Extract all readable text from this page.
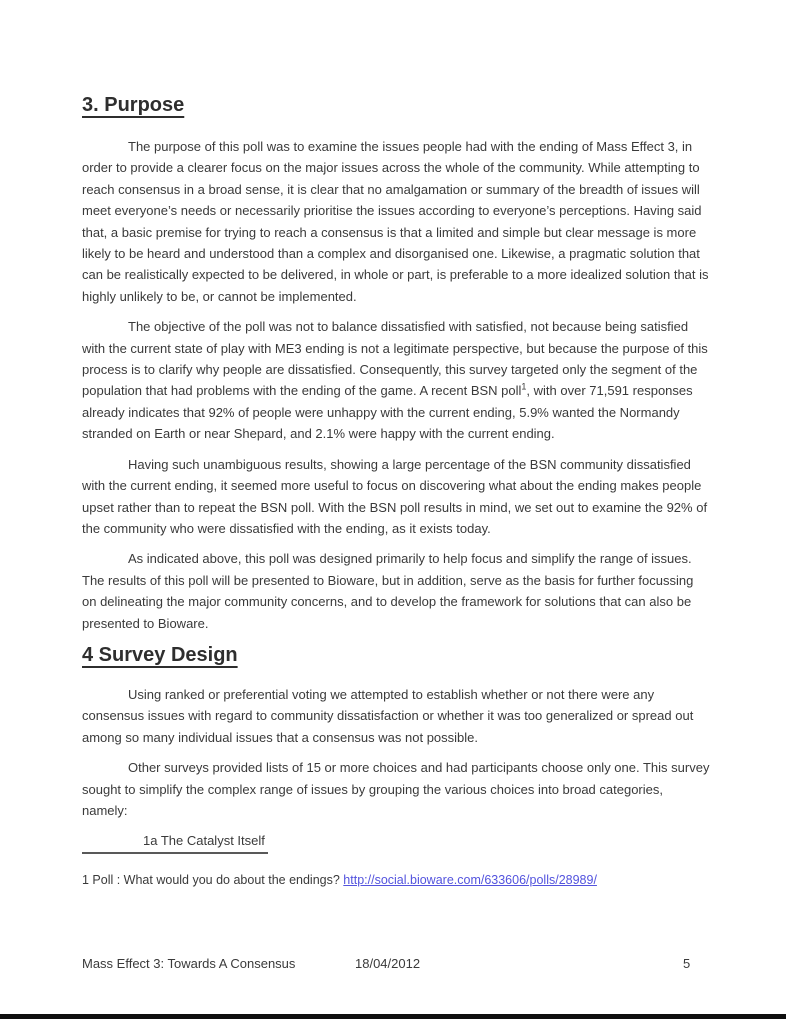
3. Purpose

The purpose of this poll was to examine the issues people had with the ending of Mass Effect 3, in order to provide a clearer focus on the major issues across the whole of the community. While attempting to reach consensus in a broad sense, it is clear that no amalgamation or summary of the breadth of issues will meet everyone’s needs or necessarily prioritise the issues according to everyone’s perceptions. Having said that, a basic premise for trying to reach a consensus is that a limited and simple but clear message is more likely to be heard and understood than a complex and disorganised one. Likewise, a pragmatic solution that can be realistically expected to be delivered, in whole or part, is preferable to a more idealized solution that is highly unlikely to be, or cannot be implemented.

The objective of the poll was not to balance dissatisfied with satisfied, not because being satisfied with the current state of play with ME3 ending is not a legitimate perspective, but because the purpose of this process is to clarify why people are dissatisfied. Consequently, this survey targeted only the segment of the population that had problems with the ending of the game. A recent BSN poll$^1$, with over 71,591 responses already indicates that 92% of people were unhappy with the current ending, 5.9% wanted the Normandy stranded on Earth or near Shepard, and 2.1% were happy with the current ending.

Having such unambiguous results, showing a large percentage of the BSN community dissatisfied with the current ending, it seemed more useful to focus on discovering what about the ending makes people upset rather than to repeat the BSN poll. With the BSN poll results in mind, we set out to examine the 92% of the community who were dissatisfied with the ending, as it exists today.

As indicated above, this poll was designed primarily to help focus and simplify the range of issues. The results of this poll will be presented to Bioware, but in addition, serve as the basis for further focussing on delineating the major community concerns, and to develop the framework for solutions that can also be presented to Bioware.

4 Survey Design

Using ranked or preferential voting we attempted to establish whether or not there were any consensus issues with regard to community dissatisfaction or whether it was too generalized or spread out among so many individual issues that a consensus was not possible.

Other surveys provided lists of 15 or more choices and had participants choose only one. This survey sought to simplify the complex range of issues by grouping the various choices into broad categories, namely:

1a The Catalyst Itself

1 Poll : What would you do about the endings? http://social.bioware.com/633606/polls/28989/
Mass Effect 3: Towards A Consensus	18/04/2012	5
